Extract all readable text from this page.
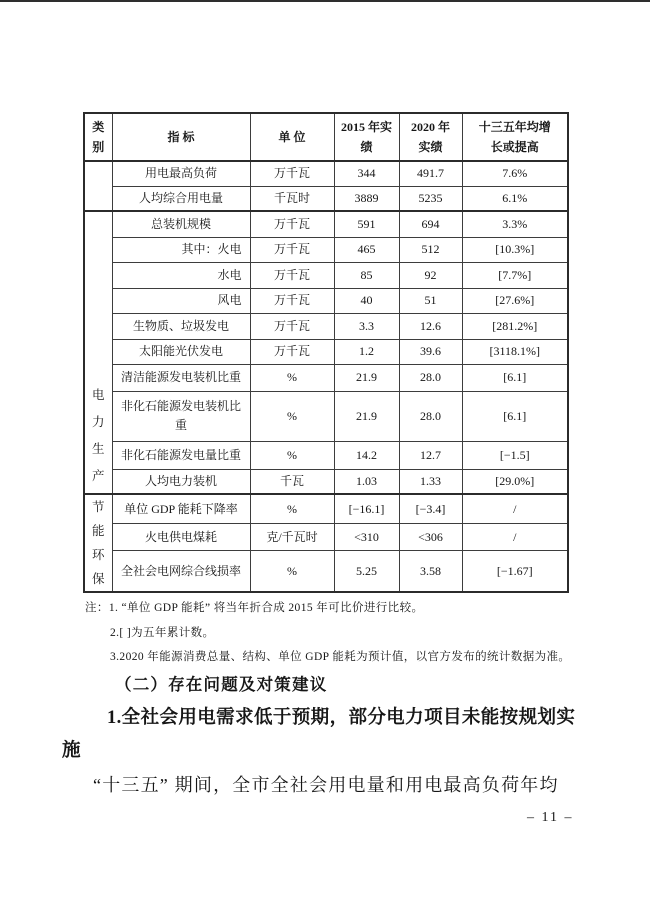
类别	指 标	单 位	2015 年实绩	2020 年实绩	十三五年均增长或提高

	用电最高负荷	万千瓦	344	491.7	7.6%
	人均综合用电量	千瓦时	3889	5235	6.1%

电力生产	总装机规模	万千瓦	591	694	3.3%
	其中：火电	万千瓦	465	512	[10.3%]
	水电	万千瓦	85	92	[7.7%]
	风电	万千瓦	40	51	[27.6%]
	生物质、垃圾发电	万千瓦	3.3	12.6	[281.2%]
	太阳能光伏发电	万千瓦	1.2	39.6	[3118.1%]
	清洁能源发电装机比重	%	21.9	28.0	[6.1]
	非化石能源发电装机比重	%	21.9	28.0	[6.1]
	非化石能源发电量比重	%	14.2	12.7	[−1.5]
	人均电力装机	千瓦	1.03	1.33	[29.0%]

节能环保	单位 GDP 能耗下降率	%	[−16.1]	[−3.4]	/
	火电供电煤耗	克/千瓦时	<310	<306	/
	全社会电网综合线损率	%	5.25	3.58	[−1.67]
注：1. “单位 GDP 能耗” 将当年折合成 2015 年可比价进行比较。
2.[ ]为五年累计数。
3.2020 年能源消费总量、结构、单位 GDP 能耗为预计值，以官方发布的统计数据为准。
（二）存在问题及对策建议
1.全社会用电需求低于预期，部分电力项目未能按规划实
施
“十三五” 期间，全市全社会用电量和用电最高负荷年均
– 11 –
